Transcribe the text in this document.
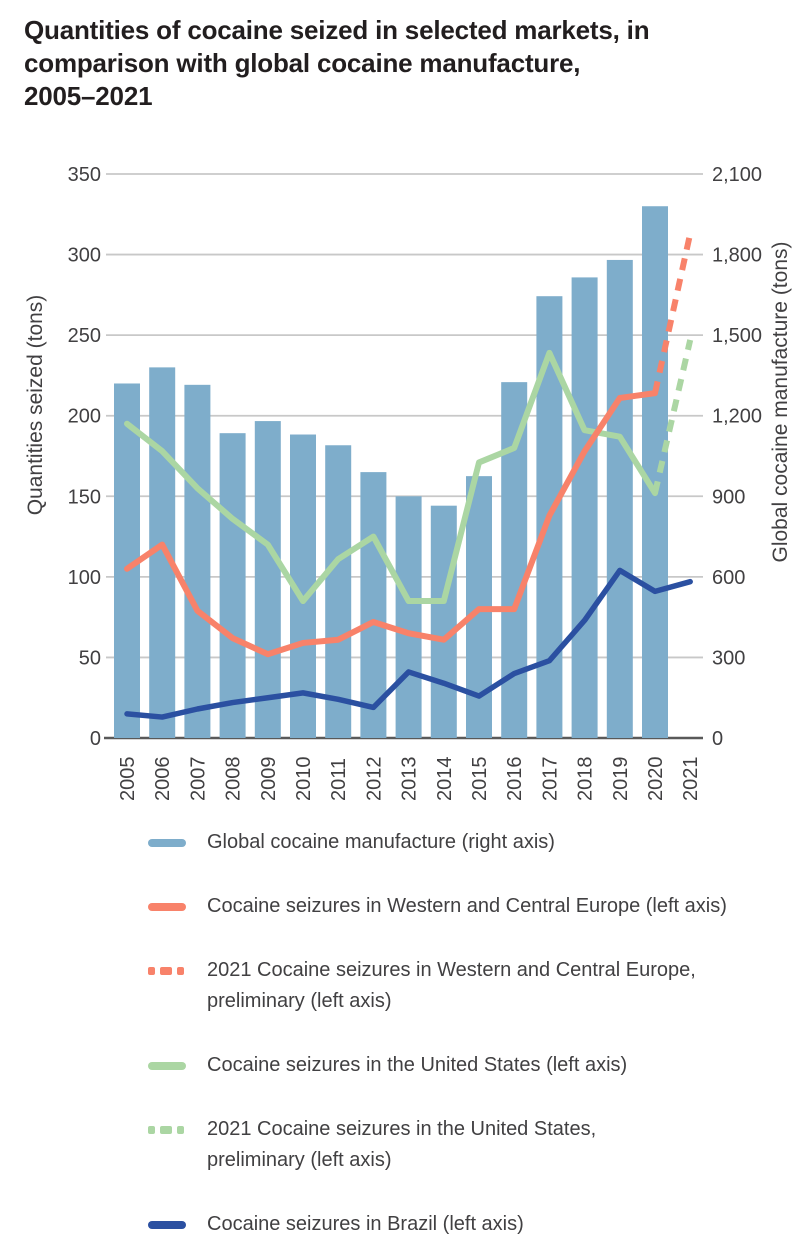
Quantities of cocaine seized in selected markets, in
comparison with global cocaine manufacture,
2005–2021
0
50
100
150
200
250
300
350
0
300
600
900
1,200
1,500
1,800
2,100
2005 2006 2007 2008 2009 2010 2011 2012 2013 2014 2015 2016 2017 2018 2019 2020 2021
Quantities seized (tons)	Global cocaine manufacture (tons)
Global cocaine manufacture (right axis)
Cocaine seizures in Western and Central Europe (left axis)
2021 Cocaine seizures in Western and Central Europe,
preliminary (left axis)
Cocaine seizures in the United States (left axis)
2021 Cocaine seizures in the United States,
preliminary (left axis)
Cocaine seizures in Brazil (left axis)
